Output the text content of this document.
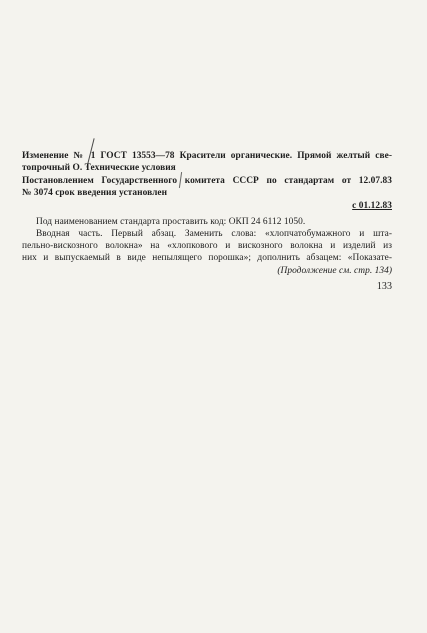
Изменение № 1 ГОСТ 13553—78 Красители органические. Прямой желтый све-
топрочный О. Технические условия
Постановлением Государственного комитета СССР по стандартам от 12.07.83
№ 3074 срок введения установлен
с 01.12.83
Под наименованием стандарта проставить код: ОКП 24 6112 1050.
Вводная часть. Первый абзац. Заменить слова: «хлопчатобумажного и шта-
пельно-вискозного волокна» на «хлопкового и вискозного волокна и изделий из
них и выпускаемый в виде непылящего порошка»; дополнить абзацем: «Показате-
(Продолжение см. стр. 134)
133
